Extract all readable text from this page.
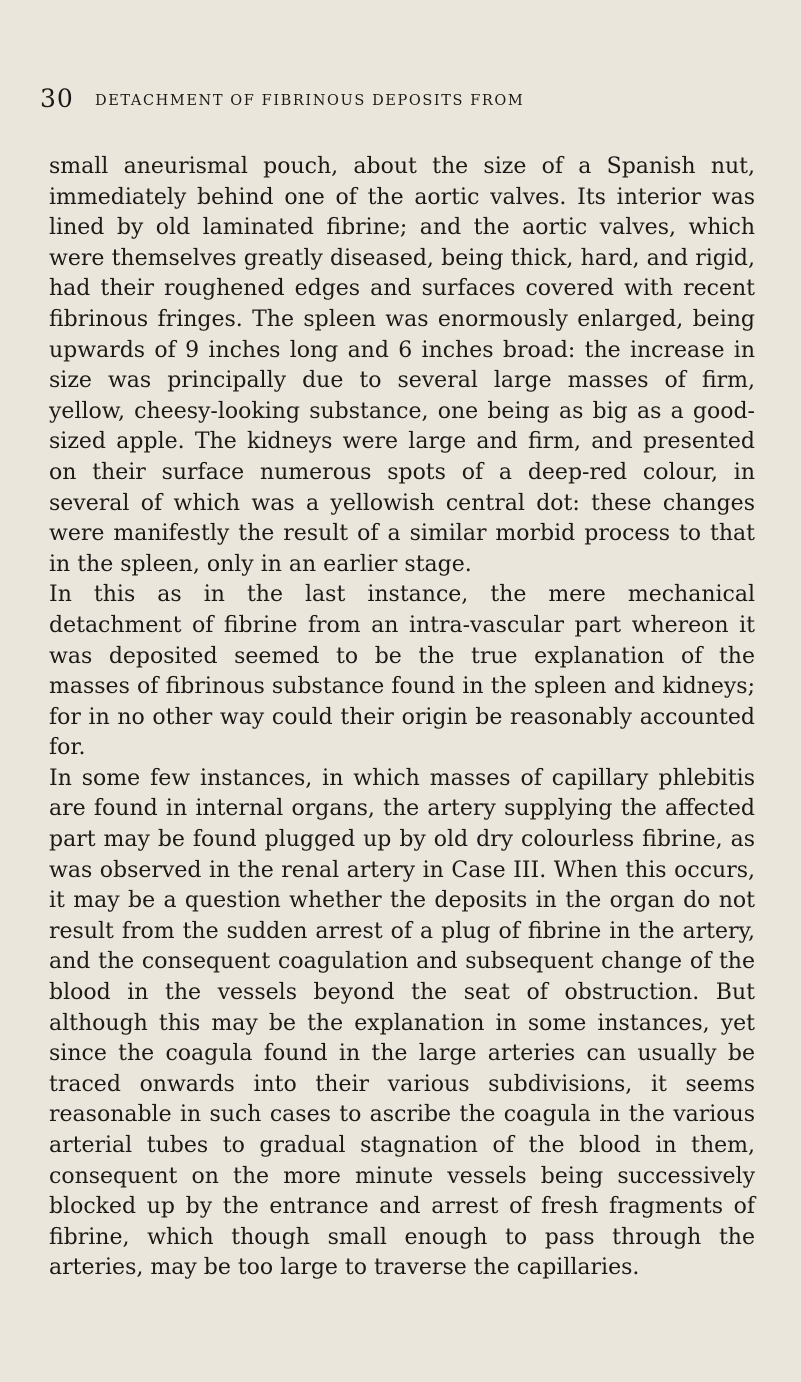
30 DETACHMENT OF FIBRINOUS DEPOSITS FROM

small aneurismal pouch, about the size of a Spanish nut, immediately behind one of the aortic valves. Its interior was lined by old laminated fibrine; and the aortic valves, which were themselves greatly diseased, being thick, hard, and rigid, had their roughened edges and surfaces covered with recent fibrinous fringes. The spleen was enormously enlarged, being upwards of 9 inches long and 6 inches broad: the increase in size was principally due to several large masses of firm, yellow, cheesy-looking substance, one being as big as a good-sized apple. The kidneys were large and firm, and presented on their surface numerous spots of a deep-red colour, in several of which was a yellowish central dot: these changes were manifestly the result of a similar morbid process to that in the spleen, only in an earlier stage.

In this as in the last instance, the mere mechanical detachment of fibrine from an intra-vascular part whereon it was deposited seemed to be the true explanation of the masses of fibrinous substance found in the spleen and kidneys; for in no other way could their origin be reasonably accounted for.

In some few instances, in which masses of capillary phlebitis are found in internal organs, the artery supplying the affected part may be found plugged up by old dry colourless fibrine, as was observed in the renal artery in Case III. When this occurs, it may be a question whether the deposits in the organ do not result from the sudden arrest of a plug of fibrine in the artery, and the consequent coagulation and subsequent change of the blood in the vessels beyond the seat of obstruction. But although this may be the explanation in some instances, yet since the coagula found in the large arteries can usually be traced onwards into their various subdivisions, it seems reasonable in such cases to ascribe the coagula in the various arterial tubes to gradual stagnation of the blood in them, consequent on the more minute vessels being successively blocked up by the entrance and arrest of fresh fragments of fibrine, which though small enough to pass through the arteries, may be too large to traverse the capillaries.
